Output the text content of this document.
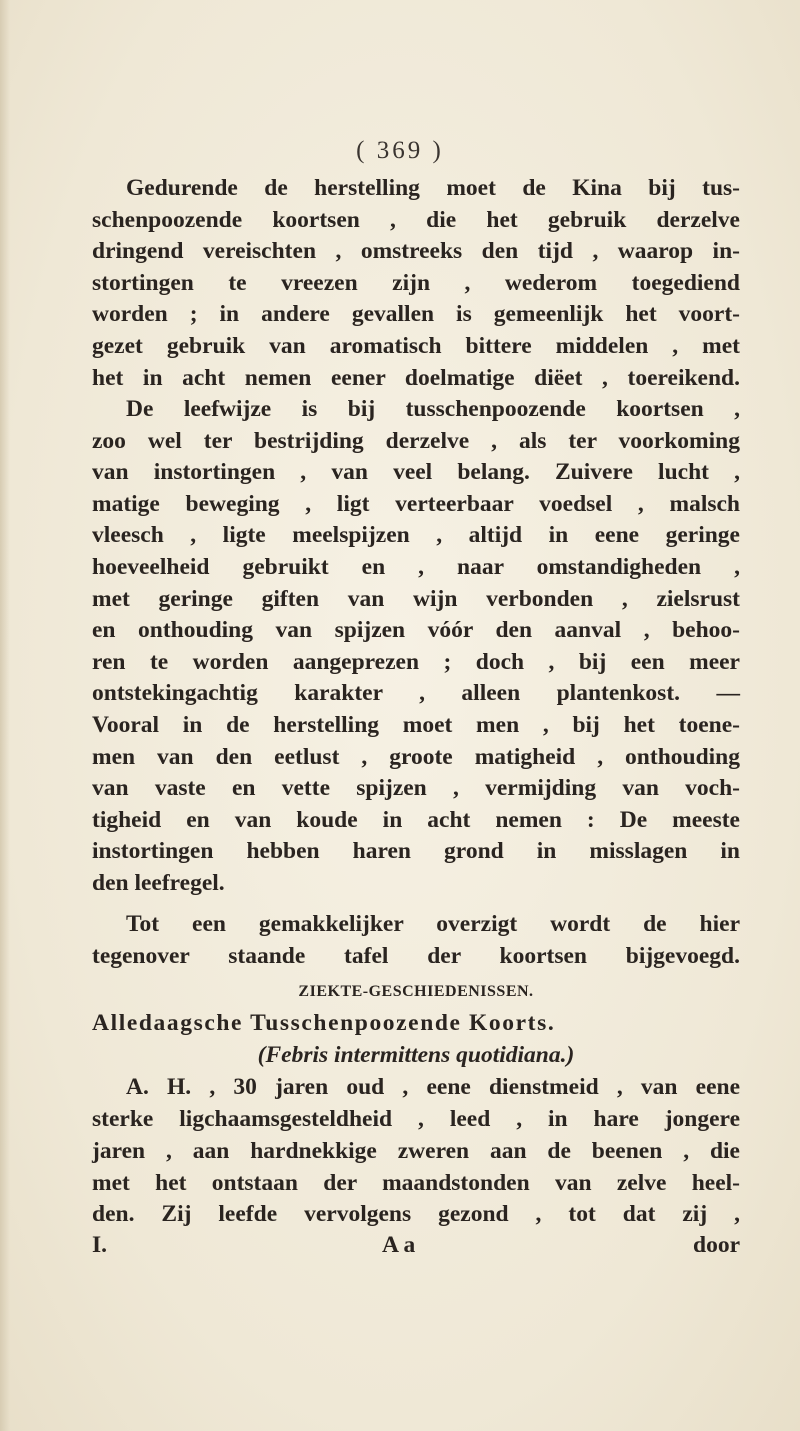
( 369 )
Gedurende de herstelling moet de Kina bij tus-
schenpoozende koortsen , die het gebruik derzelve
dringend vereischten , omstreeks den tijd , waarop in-
stortingen te vreezen zijn , wederom toegediend
worden ; in andere gevallen is gemeenlijk het voort-
gezet gebruik van aromatisch bittere middelen , met
het in acht nemen eener doelmatige diëet , toereikend.
De leefwijze is bij tusschenpoozende koortsen ,
zoo wel ter bestrijding derzelve , als ter voorkoming
van instortingen , van veel belang. Zuivere lucht ,
matige beweging , ligt verteerbaar voedsel , malsch
vleesch , ligte meelspijzen , altijd in eene geringe
hoeveelheid gebruikt en , naar omstandigheden ,
met geringe giften van wijn verbonden , zielsrust
en onthouding van spijzen vóór den aanval , behoo-
ren te worden aangeprezen ; doch , bij een meer
ontstekingachtig karakter , alleen plantenkost. —
Vooral in de herstelling moet men , bij het toene-
men van den eetlust , groote matigheid , onthouding
van vaste en vette spijzen , vermijding van voch-
tigheid en van koude in acht nemen : De meeste
instortingen hebben haren grond in misslagen in
den leefregel.
Tot een gemakkelijker overzigt wordt de hier
tegenover staande tafel der koortsen bijgevoegd.
ZIEKTE-GESCHIEDENISSEN.
Alledaagsche Tusschenpoozende Koorts.
(Febris intermittens quotidiana.)
A. H. , 30 jaren oud , eene dienstmeid , van eene
sterke ligchaamsgesteldheid , leed , in hare jongere
jaren , aan hardnekkige zweren aan de beenen , die
met het ontstaan der maandstonden van zelve heel-
den. Zij leefde vervolgens gezond , tot dat zij ,
I.	A a	door
